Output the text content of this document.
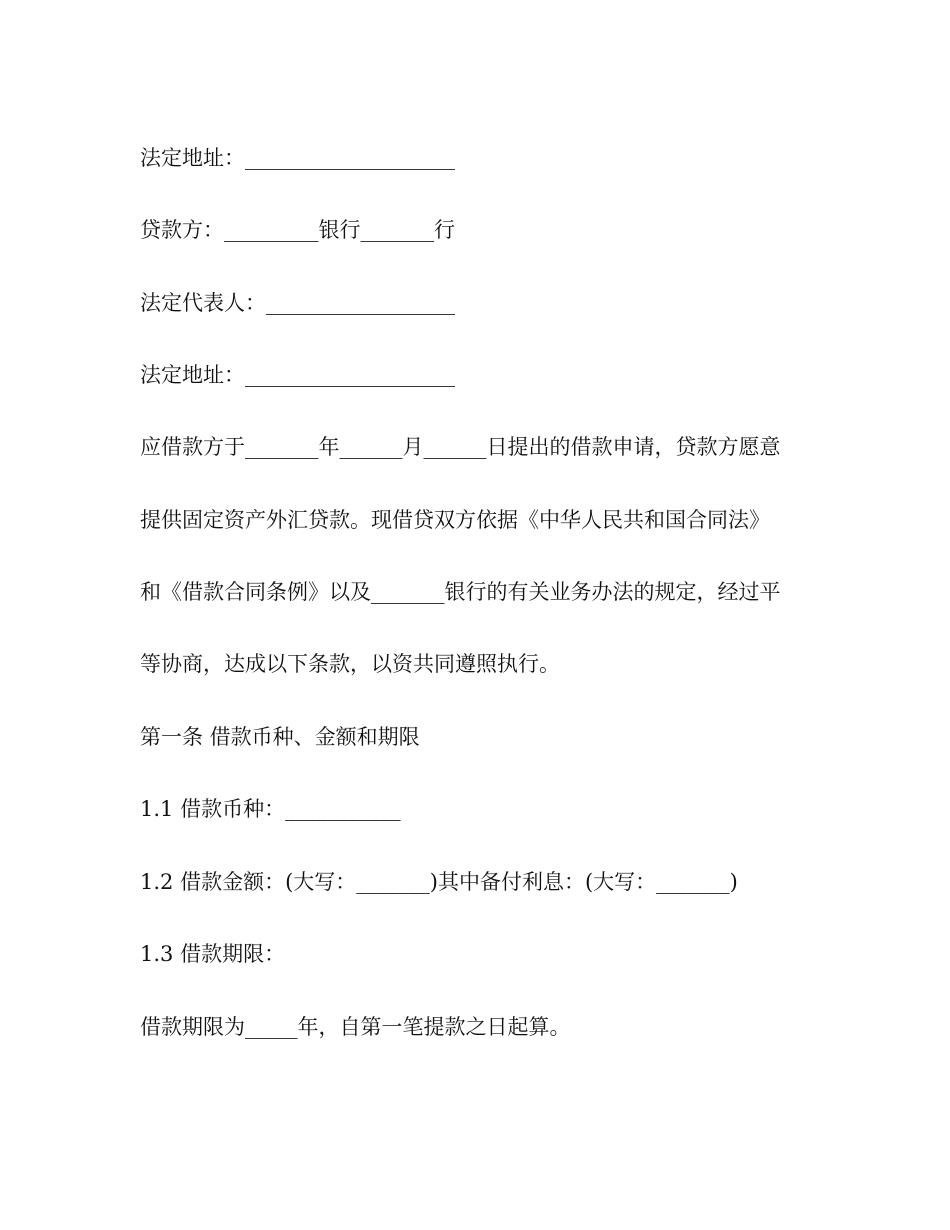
法定地址：____________________
贷款方：_________银行_______行
法定代表人：__________________
法定地址：____________________
应借款方于_______年______月______日提出的借款申请，贷款方愿意
提供固定资产外汇贷款。现借贷双方依据《中华人民共和国合同法》
和《借款合同条例》以及_______银行的有关业务办法的规定，经过平
等协商，达成以下条款，以资共同遵照执行。
第一条 借款币种、金额和期限
1.1 借款币种：___________
1.2 借款金额：(大写：_______)其中备付利息：(大写：_______)
1.3 借款期限：
借款期限为_____年，自第一笔提款之日起算。
